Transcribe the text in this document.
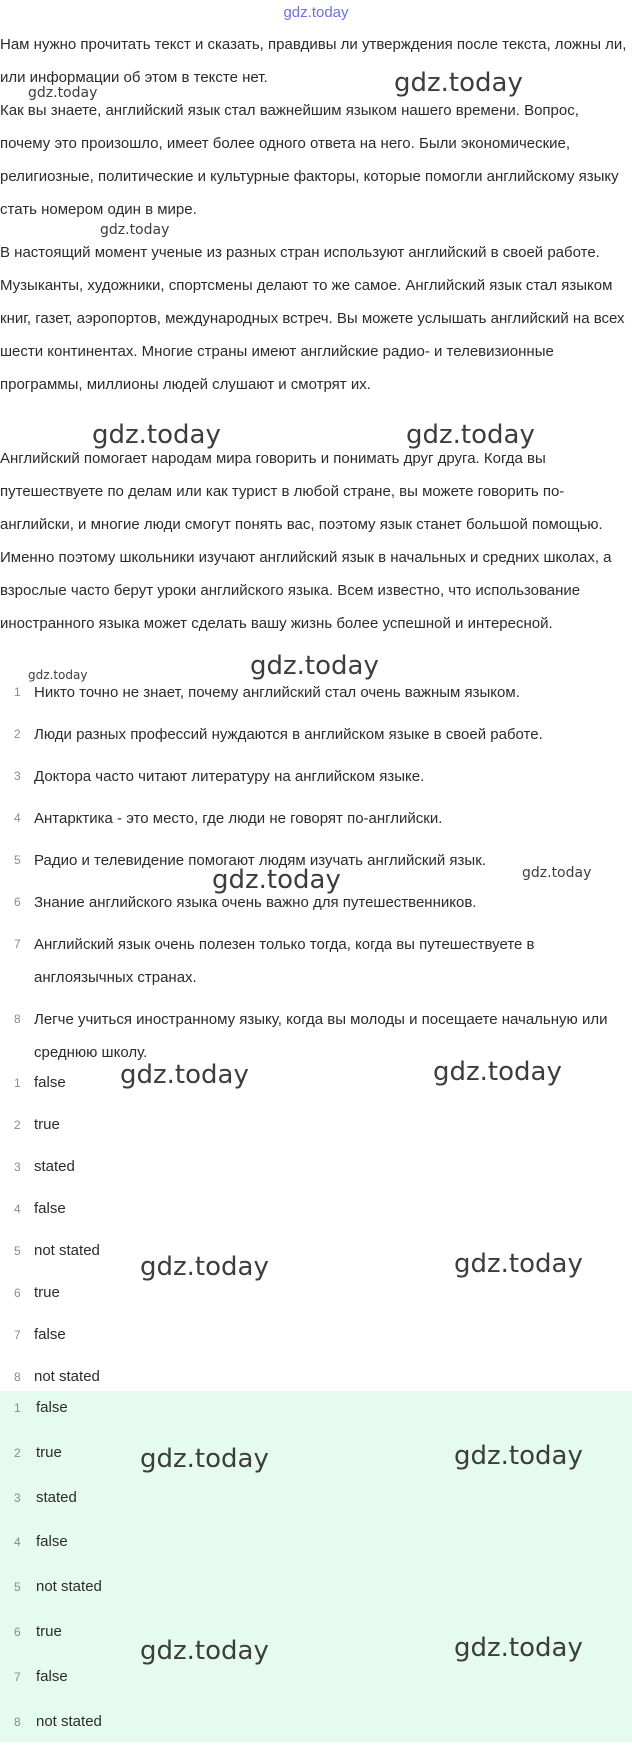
gdz.today

Нам нужно прочитать текст и сказать, правдивы ли утверждения после текста, ложны ли, или информации об этом в тексте нет.

Как вы знаете, английский язык стал важнейшим языком нашего времени. Вопрос, почему это произошло, имеет более одного ответа на него. Были экономические, религиозные, политические и культурные факторы, которые помогли английскому языку стать номером один в мире.

В настоящий момент ученые из разных стран используют английский в своей работе. Музыканты, художники, спортсмены делают то же самое. Английский язык стал языком книг, газет, аэропортов, международных встреч. Вы можете услышать английский на всех шести континентах. Многие страны имеют английские радио- и телевизионные программы, миллионы людей слушают и смотрят их.

Английский помогает народам мира говорить и понимать друг друга. Когда вы путешествуете по делам или как турист в любой стране, вы можете говорить по-английски, и многие люди смогут понять вас, поэтому язык станет большой помощью. Именно поэтому школьники изучают английский язык в начальных и средних школах, а взрослые часто берут уроки английского языка. Всем известно, что использование иностранного языка может сделать вашу жизнь более успешной и интересной.

1 Никто точно не знает, почему английский стал очень важным языком.
2 Люди разных профессий нуждаются в английском языке в своей работе.
3 Доктора часто читают литературу на английском языке.
4 Антарктика - это место, где люди не говорят по-английски.
5 Радио и телевидение помогают людям изучать английский язык.
6 Знание английского языка очень важно для путешественников.
7 Английский язык очень полезен только тогда, когда вы путешествуете в англоязычных странах.
8 Легче учиться иностранному языку, когда вы молоды и посещаете начальную или среднюю школу.
1 false
2 true
3 stated
4 false
5 not stated
6 true
7 false
8 not stated
1 false
2 true
3 stated
4 false
5 not stated
6 true
7 false
8 not stated
gdz.today
gdz.today
gdz.today
gdz.today	gdz.today
gdz.today
gdz.today
gdz.today	gdz.today
gdz.today	gdz.today
gdz.today	gdz.today
gdz.today	gdz.today
gdz.today	gdz.today
